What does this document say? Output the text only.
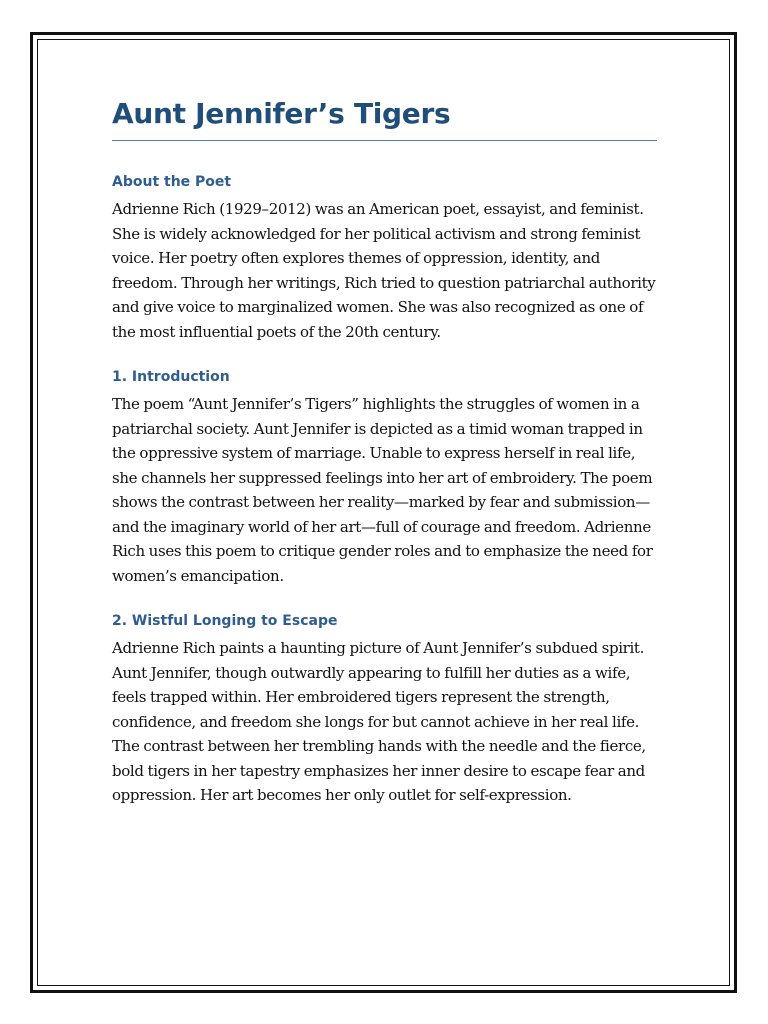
Aunt Jennifer’s Tigers
About the Poet

Adrienne Rich (1929–2012) was an American poet, essayist, and feminist. She is widely acknowledged for her political activism and strong feminist voice. Her poetry often explores themes of oppression, identity, and freedom. Through her writings, Rich tried to question patriarchal authority and give voice to marginalized women. She was also recognized as one of the most influential poets of the 20th century.

1. Introduction

The poem “Aunt Jennifer’s Tigers” highlights the struggles of women in a patriarchal society. Aunt Jennifer is depicted as a timid woman trapped in the oppressive system of marriage. Unable to express herself in real life, she channels her suppressed feelings into her art of embroidery. The poem shows the contrast between her reality—marked by fear and submission—and the imaginary world of her art—full of courage and freedom. Adrienne Rich uses this poem to critique gender roles and to emphasize the need for women’s emancipation.

2. Wistful Longing to Escape

Adrienne Rich paints a haunting picture of Aunt Jennifer’s subdued spirit. Aunt Jennifer, though outwardly appearing to fulfill her duties as a wife, feels trapped within. Her embroidered tigers represent the strength, confidence, and freedom she longs for but cannot achieve in her real life. The contrast between her trembling hands with the needle and the fierce, bold tigers in her tapestry emphasizes her inner desire to escape fear and oppression. Her art becomes her only outlet for self-expression.
